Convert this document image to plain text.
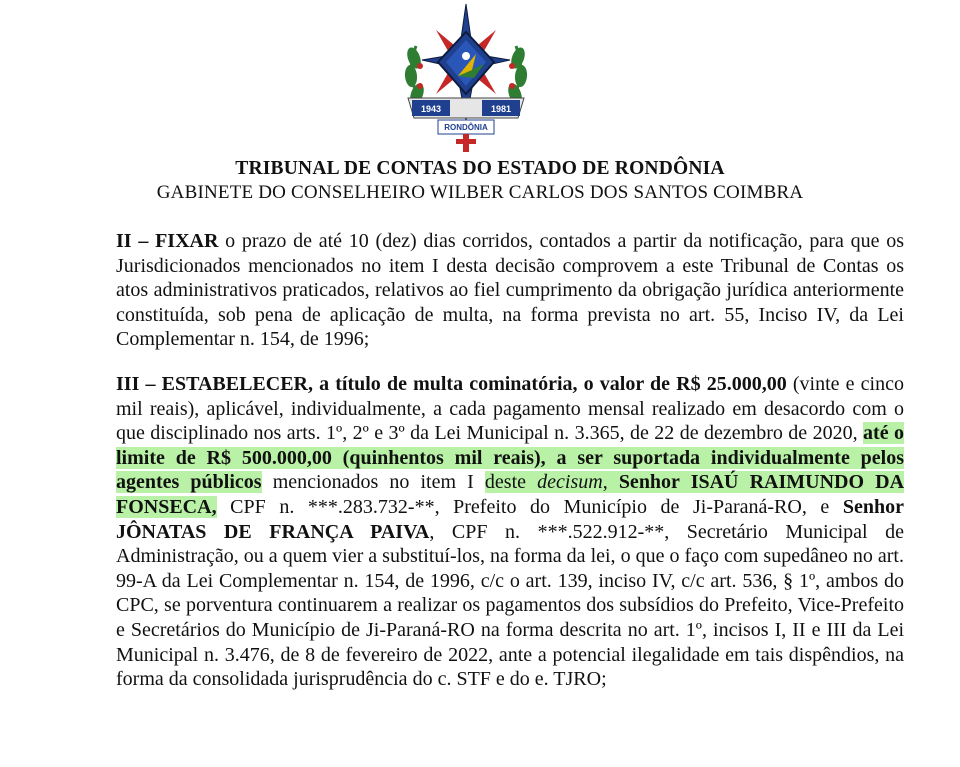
1943	1981
RONDÔNIA
TRIBUNAL DE CONTAS DO ESTADO DE RONDÔNIA
GABINETE DO CONSELHEIRO WILBER CARLOS DOS SANTOS COIMBRA

II – FIXAR o prazo de até 10 (dez) dias corridos, contados a partir da notificação, para que os Jurisdicionados mencionados no item I desta decisão comprovem a este Tribunal de Contas os atos administrativos praticados, relativos ao fiel cumprimento da obrigação jurídica anteriormente constituída, sob pena de aplicação de multa, na forma prevista no art. 55, Inciso IV, da Lei Complementar n. 154, de 1996;

III – ESTABELECER, a título de multa cominatória, o valor de R$ 25.000,00 (vinte e cinco mil reais), aplicável, individualmente, a cada pagamento mensal realizado em desacordo com o que disciplinado nos arts. 1º, 2º e 3º da Lei Municipal n. 3.365, de 22 de dezembro de 2020, até o limite de R$ 500.000,00 (quinhentos mil reais), a ser suportada individualmente pelos agentes públicos mencionados no item I deste decisum, Senhor ISAÚ RAIMUNDO DA FONSECA, CPF n. ***.283.732-**, Prefeito do Município de Ji-Paraná-RO, e Senhor JÔNATAS DE FRANÇA PAIVA, CPF n. ***.522.912-**, Secretário Municipal de Administração, ou a quem vier a substituí-los, na forma da lei, o que o faço com supedâneo no art. 99-A da Lei Complementar n. 154, de 1996, c/c o art. 139, inciso IV, c/c art. 536, § 1º, ambos do CPC, se porventura continuarem a realizar os pagamentos dos subsídios do Prefeito, Vice-Prefeito e Secretários do Município de Ji-Paraná-RO na forma descrita no art. 1º, incisos I, II e III da Lei Municipal n. 3.476, de 8 de fevereiro de 2022, ante a potencial ilegalidade em tais dispêndios, na forma da consolidada jurisprudência do c. STF e do e. TJRO;
